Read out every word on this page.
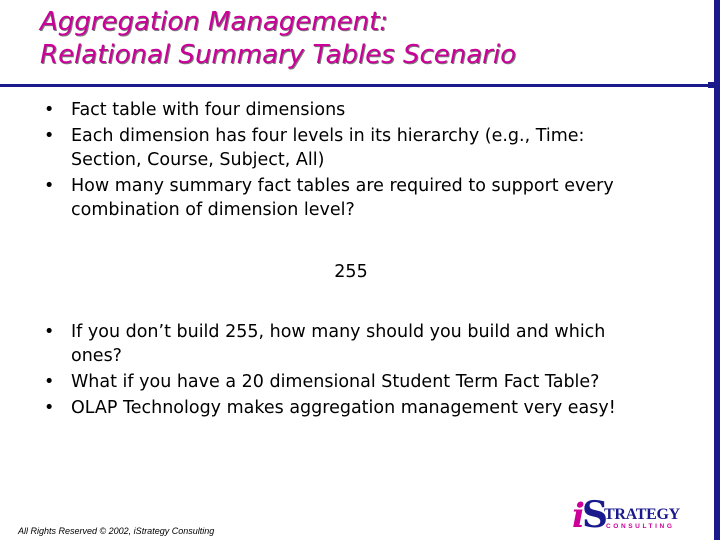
Aggregation Management:
Relational Summary Tables Scenario
• Fact table with four dimensions
• Each dimension has four levels in its hierarchy (e.g., Time: Section, Course, Subject, All)
• How many summary fact tables are required to support every combination of dimension level?
255
• If you don’t build 255, how many should you build and which ones?
• What if you have a 20 dimensional Student Term Fact Table?
• OLAP Technology makes aggregation management very easy!
All Rights Reserved © 2002, iStrategy Consulting	S
i TRATEGY
CONSULTING
